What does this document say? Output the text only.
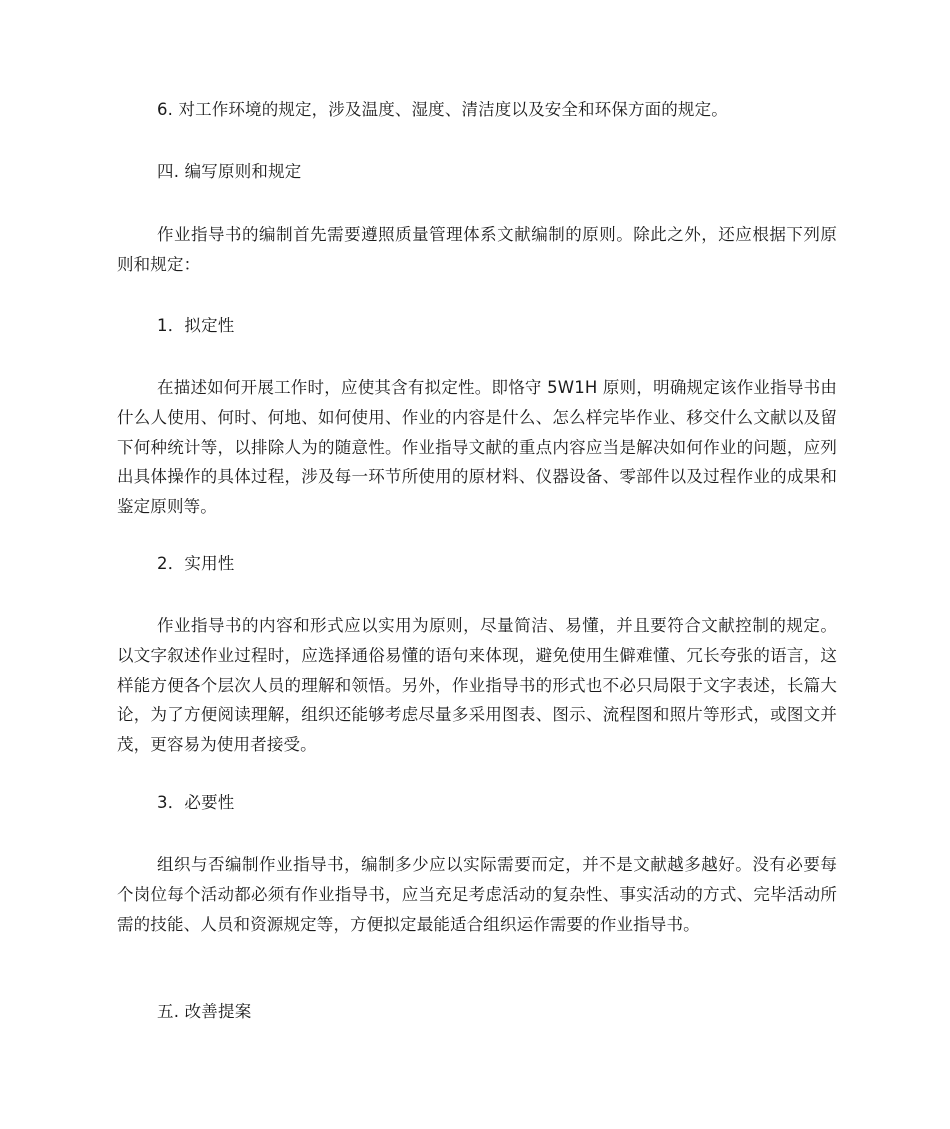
6. 对工作环境的规定，涉及温度、湿度、清洁度以及安全和环保方面的规定。

四. 编写原则和规定

作业指导书的编制首先需要遵照质量管理体系文献编制的原则。除此之外，还应根据下列原则和规定：

1．拟定性

在描述如何开展工作时，应使其含有拟定性。即恪守 5W1H 原则，明确规定该作业指导书由什么人使用、何时、何地、如何使用、作业的内容是什么、怎么样完毕作业、移交什么文献以及留下何种统计等，以排除人为的随意性。作业指导文献的重点内容应当是解决如何作业的问题，应列出具体操作的具体过程，涉及每一环节所使用的原材料、仪器设备、零部件以及过程作业的成果和鉴定原则等。

2．实用性

作业指导书的内容和形式应以实用为原则，尽量简洁、易懂，并且要符合文献控制的规定。以文字叙述作业过程时，应选择通俗易懂的语句来体现，避免使用生僻难懂、冗长夸张的语言，这样能方便各个层次人员的理解和领悟。另外，作业指导书的形式也不必只局限于文字表述，长篇大论，为了方便阅读理解，组织还能够考虑尽量多采用图表、图示、流程图和照片等形式，或图文并茂，更容易为使用者接受。

3．必要性

组织与否编制作业指导书，编制多少应以实际需要而定，并不是文献越多越好。没有必要每个岗位每个活动都必须有作业指导书，应当充足考虑活动的复杂性、事实活动的方式、完毕活动所需的技能、人员和资源规定等，方便拟定最能适合组织运作需要的作业指导书。

五. 改善提案
